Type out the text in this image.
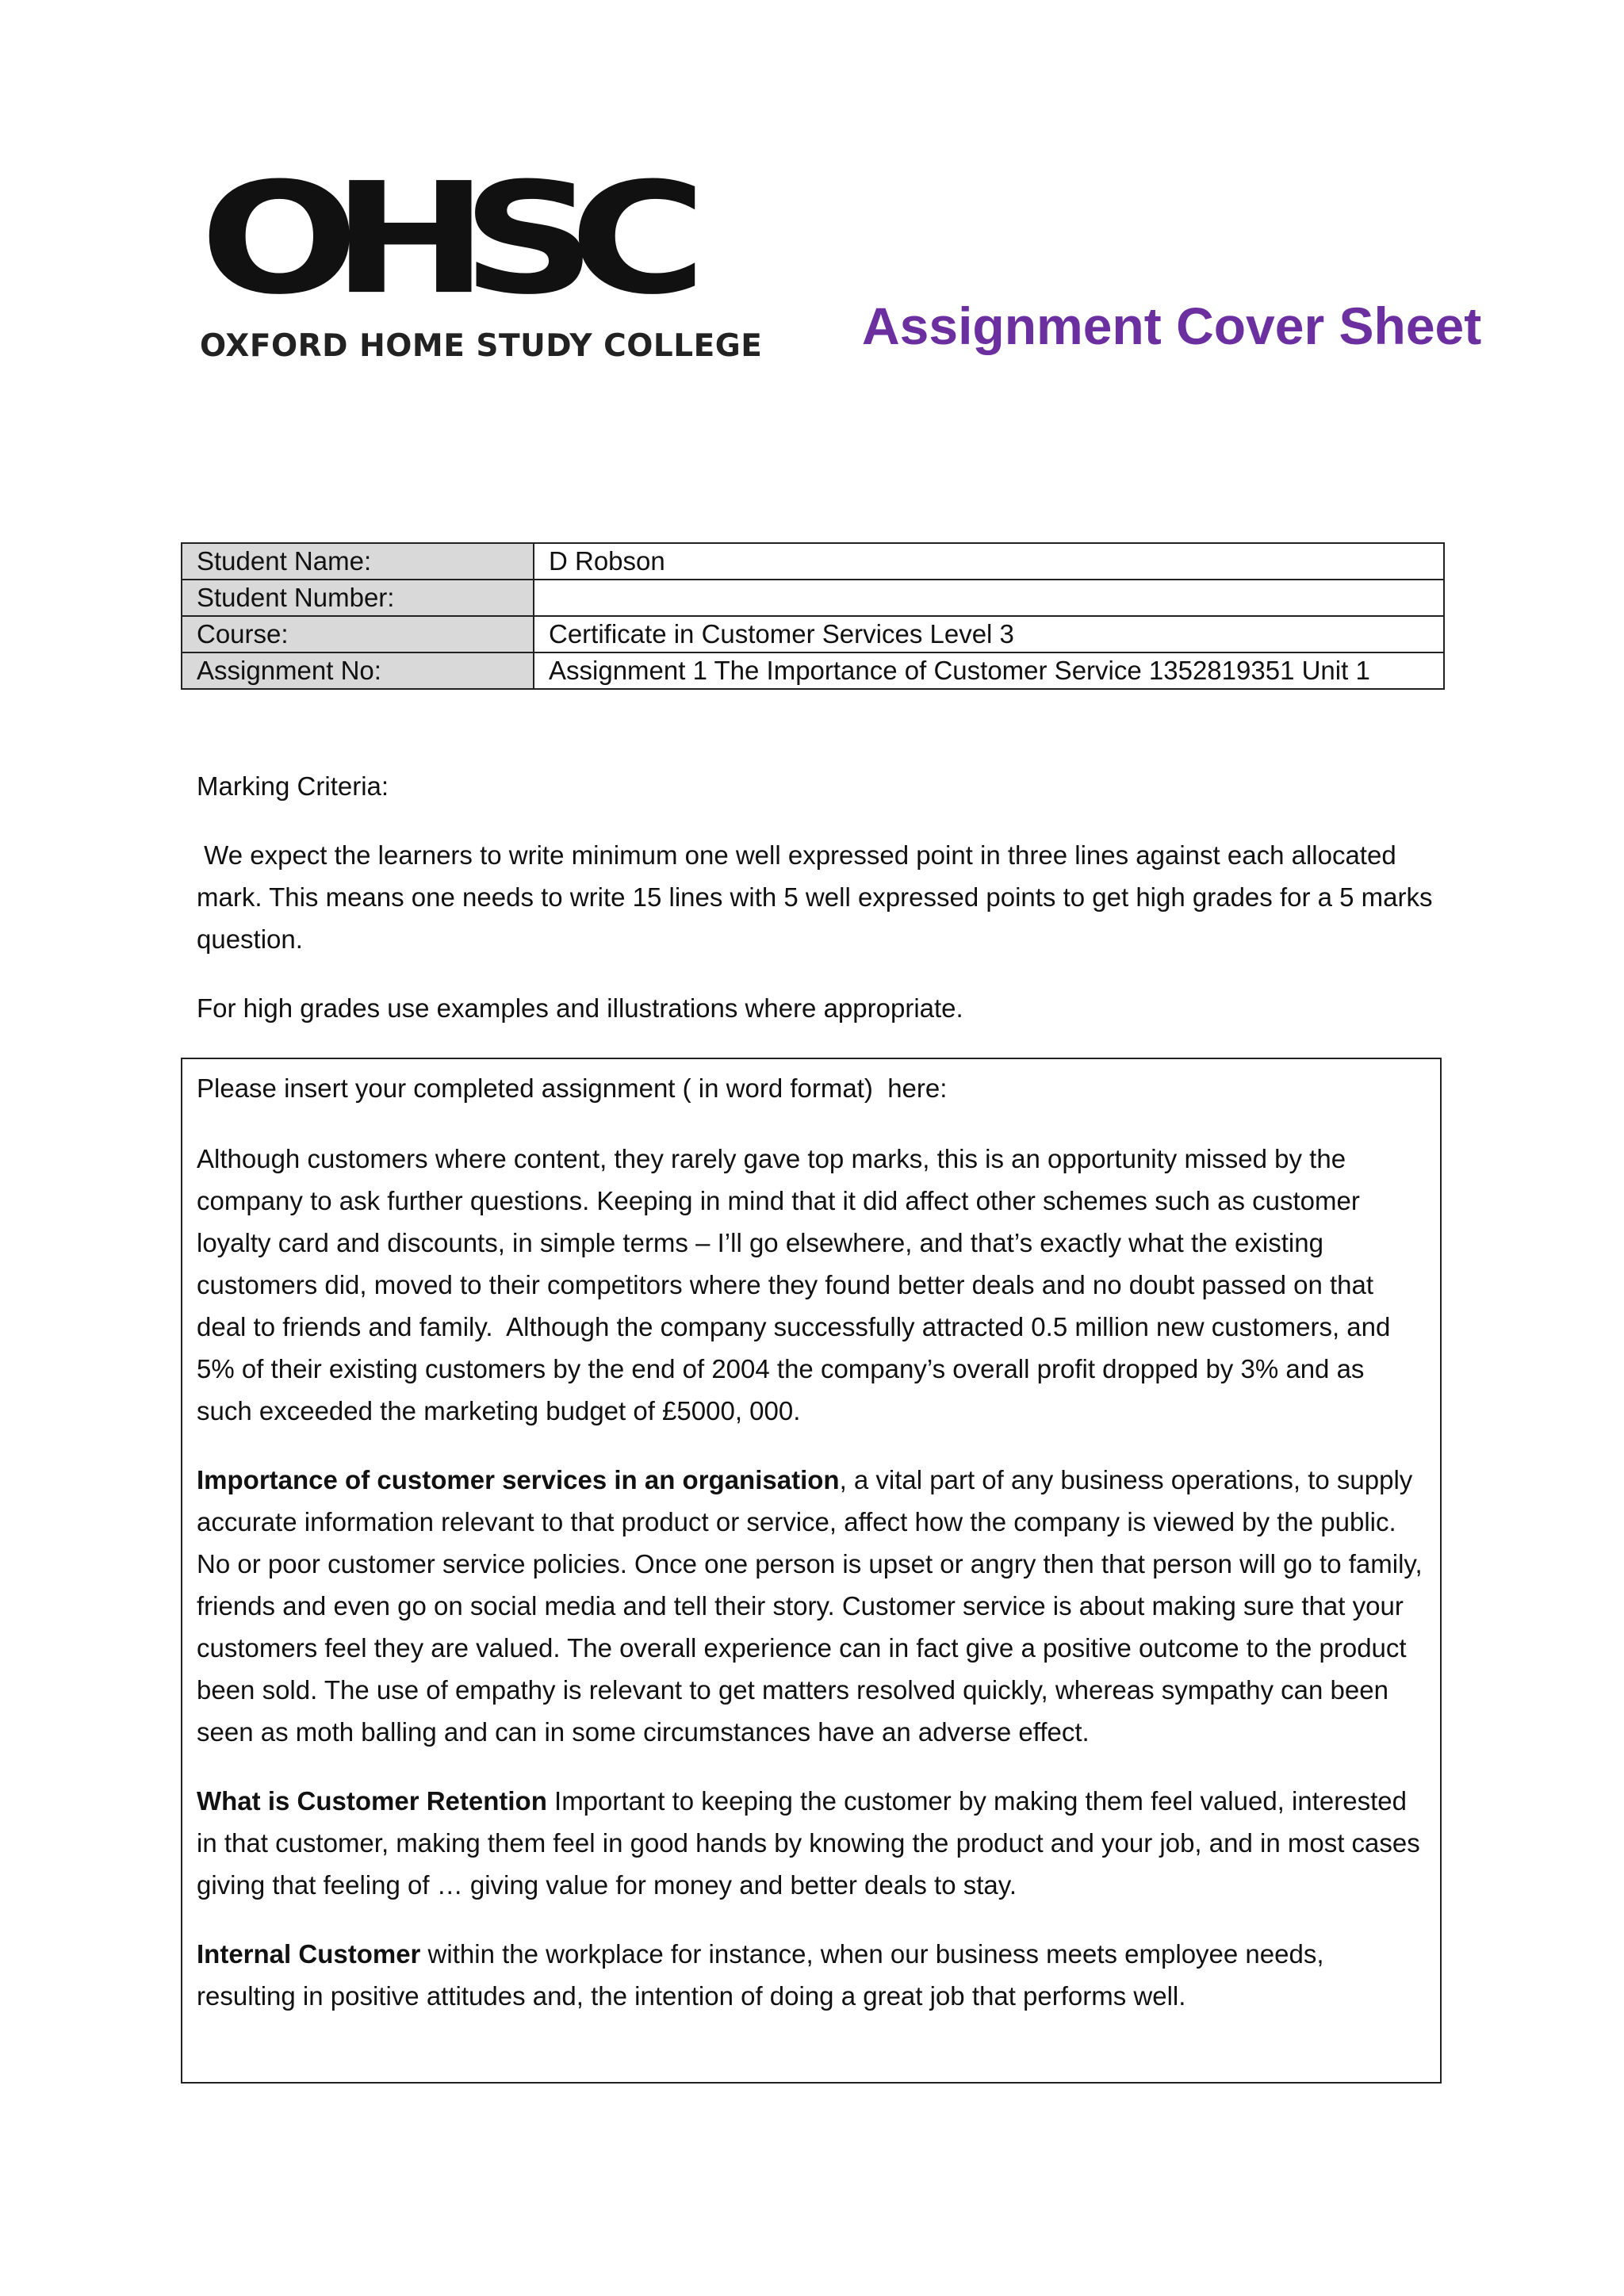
OHSC
OXFORD HOME STUDY COLLEGE Assignment Cover Sheet
Student Name:	D Robson
Student Number:	
Course:	Certificate in Customer Services Level 3
Assignment No:	Assignment 1 The Importance of Customer Service 1352819351 Unit 1

Marking Criteria:

We expect the learners to write minimum one well expressed point in three lines against each allocated mark. This means one needs to write 15 lines with 5 well expressed points to get high grades for a 5 marks question.

For high grades use examples and illustrations where appropriate.

Please insert your completed assignment ( in word format)  here:

Although customers where content, they rarely gave top marks, this is an opportunity missed by the company to ask further questions. Keeping in mind that it did affect other schemes such as customer loyalty card and discounts, in simple terms – I’ll go elsewhere, and that’s exactly what the existing customers did, moved to their competitors where they found better deals and no doubt passed on that deal to friends and family.  Although the company successfully attracted 0.5 million new customers, and 5% of their existing customers by the end of 2004 the company’s overall profit dropped by 3% and as such exceeded the marketing budget of £5000, 000.

Importance of customer services in an organisation, a vital part of any business operations, to supply accurate information relevant to that product or service, affect how the company is viewed by the public. No or poor customer service policies. Once one person is upset or angry then that person will go to family, friends and even go on social media and tell their story. Customer service is about making sure that your customers feel they are valued. The overall experience can in fact give a positive outcome to the product been sold. The use of empathy is relevant to get matters resolved quickly, whereas sympathy can been seen as moth balling and can in some circumstances have an adverse effect.

What is Customer Retention Important to keeping the customer by making them feel valued, interested in that customer, making them feel in good hands by knowing the product and your job, and in most cases giving that feeling of … giving value for money and better deals to stay.

Internal Customer within the workplace for instance, when our business meets employee needs, resulting in positive attitudes and, the intention of doing a great job that performs well.
